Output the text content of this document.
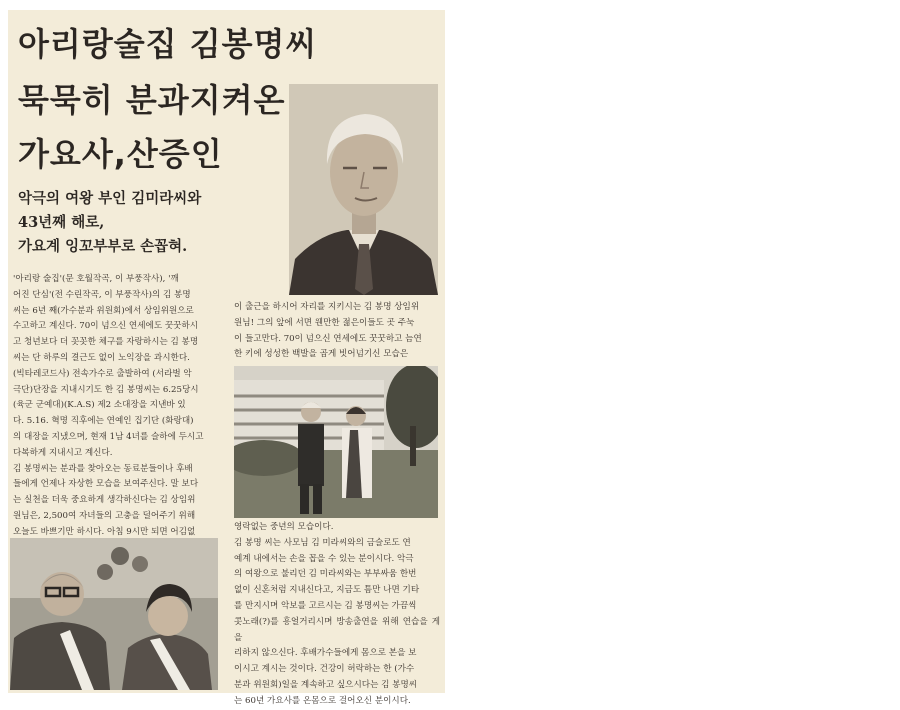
아리랑술집 김봉명씨
묵묵히 분과지켜온
가요사,산증인
악극의 여왕 부인 김미라씨와
43년째 해로,
가요계 잉꼬부부로 손꼽혀.

'아리랑 술집'(문 호월작곡, 이 부풍작사), '깨

어진 단심'(전 수린작곡, 이 부풍작사)의 김 봉명

씨는 6년 째(가수분과 위원회)에서 상임위원으로

수고하고 계신다. 70이 넘으신 연세에도 꿋꿋하시

고 청년보다 더 꼿꼿한 체구를 자랑하시는 김 봉명

씨는 단 하루의 결근도 없이 노익장을 과시한다.

(빅타레코드사) 전속가수로 출발하여 (서라벌 악

극단)단장을 지내시기도 한 김 봉명씨는 6.25당시

(육군 군예대)(K.A.S) 제2 소대장을 지낸바 있

다. 5.16. 혁명 직후에는 연예인 집기단 (화랑대)

의 대장을 지냈으며, 현재 1남 4녀를 슬하에 두시고

다복하게 지내시고 계신다.

김 봉명씨는 분과를 찾아오는 동료분들이나 후배

들에게 언제나 자상한 모습을 보여주신다. 말 보다

는 실천을 더욱 중요하게 생각하신다는 김 상임위

원님은, 2,500여 자녀들의 고충을 덜어주기 위해

오늘도 바쁘기만 하시다. 아침 9시만 되면 어김없

이 출근을 하시어 자리를 지키시는 김 봉명 상임위

원님! 그의 앞에 서면 웬만한 젊은이들도 곳 주눅

이 들고만다. 70이 넘으신 연세에도 꿋꿋하고 늠연

한 키에 성성한 백발을 곱게 빗어넘기신 모습은

영락없는 중년의 모습이다.

김 봉명 씨는 사모님 김 미라씨와의 금슬로도 연

예계 내에서는 손을 꼽을 수 있는 분이시다. 악극

의 여왕으로 불리던 김 미라씨와는 부부싸움 한번

없이 신혼처럼 지내신다고, 지금도 틈만 나면 기타

를 만지시며 악보를 고르시는 김 봉명씨는 가끔씩

콧노래(?)를 흥얼거리시며 방송출연을 위해 연습을 게을

리하지 않으신다. 후배가수들에게 몸으로 본을 보

이시고 계시는 것이다. 건강이 허락하는 한 (가수

분과 위원회)일을 계속하고 싶으시다는 김 봉명씨

는 60년 가요사를 온몸으로 걸어오신 분이시다.
